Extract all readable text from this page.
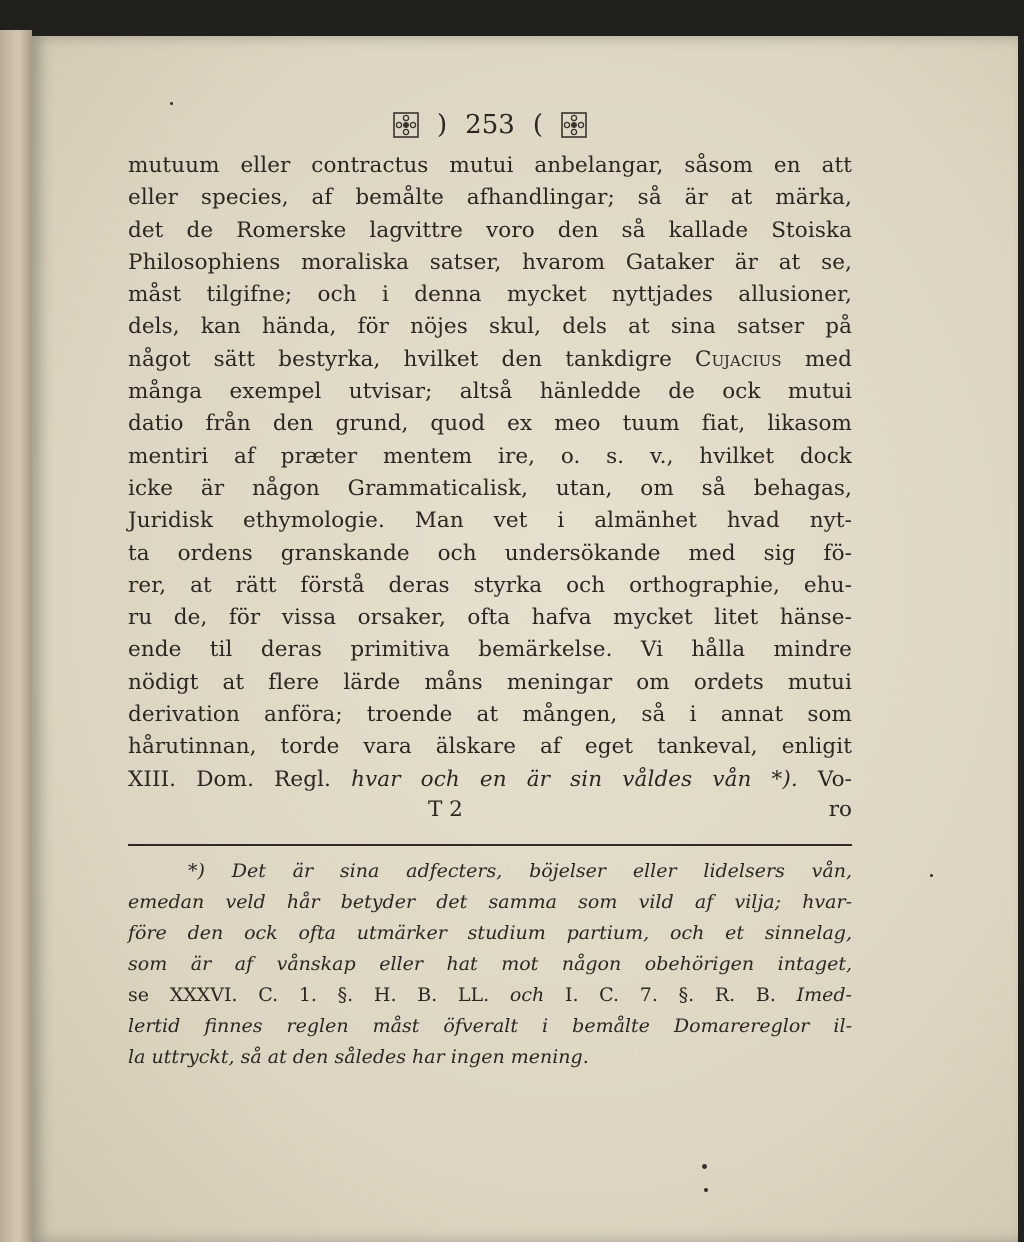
) 253 (
mutuum eller contractus mutui anbelangar, såsom en att
eller species, af bemålte afhandlingar; så är at märka,
det de Romerske lagvittre voro den så kallade Stoiska
Philosophiens moraliska satser, hvarom Gataker är at se,
måst tilgifne; och i denna mycket nyttjades allusioner,
dels, kan hända, för nöjes skul, dels at sina satser på
något sätt bestyrka, hvilket den tankdigre Cujacius med
många exempel utvisar; altså hänledde de ock mutui
datio från den grund, quod ex meo tuum fiat, likasom
mentiri af præter mentem ire, o. s. v., hvilket dock
icke är någon Grammaticalisk, utan, om så behagas,
Juridisk ethymologie. Man vet i almänhet hvad nyt-
ta ordens granskande och undersökande med sig fö-
rer, at rätt förstå deras styrka och orthographie, ehu-
ru de, för vissa orsaker, ofta hafva mycket litet hänse-
ende til deras primitiva bemärkelse. Vi hålla mindre
nödigt at flere lärde måns meningar om ordets mutui
derivation anföra; troende at mången, så i annat som
hårutinnan, torde vara älskare af eget tankeval, enligit
XIII. Dom. Regl. hvar och en är sin våldes vån *). Vo-
T 2	ro
*) Det är sina adfecters, böjelser eller lidelsers vån,
emedan veld hår betyder det samma som vild af vilja; hvar-
före den ock ofta utmärker studium partium, och et sinnelag,
som är af vånskap eller hat mot någon obehörigen intaget,
se XXXVI. C. 1. §. H. B. LL. och I. C. 7. §. R. B. Imed-
lertid finnes reglen måst öfveralt i bemålte Domarereglor il-
la uttryckt, så at den således har ingen mening.
